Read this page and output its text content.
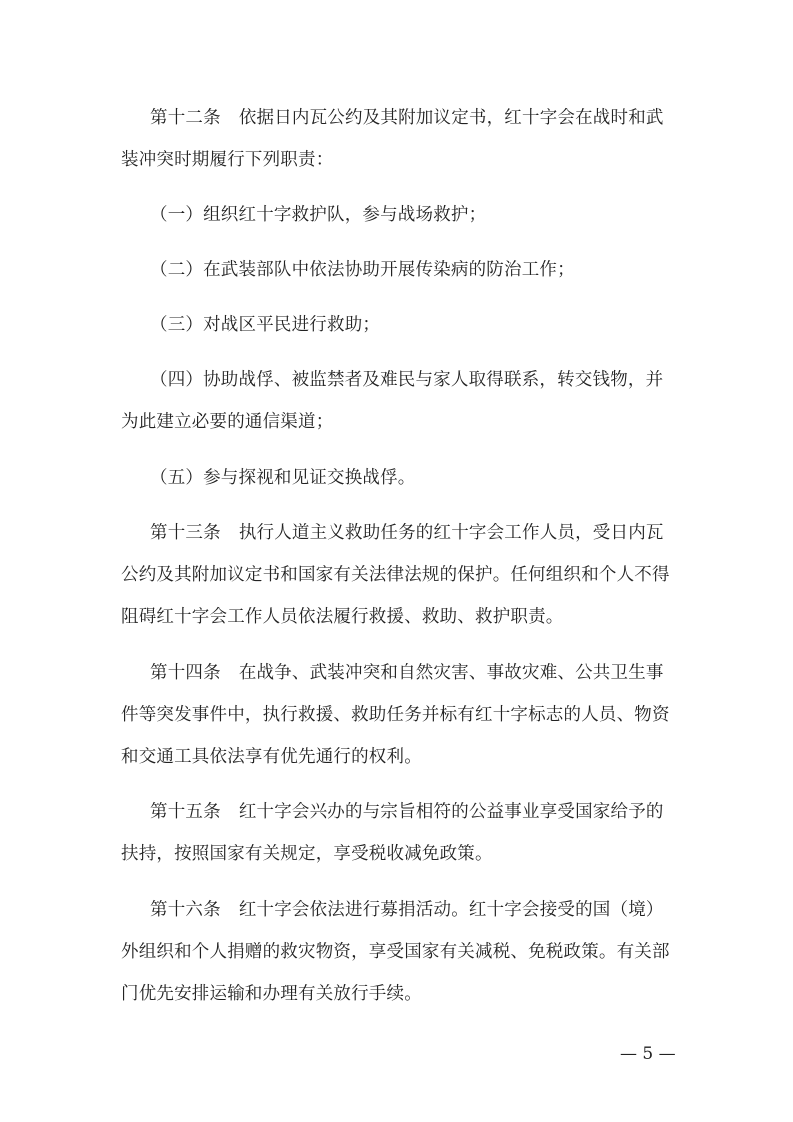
第十二条 依据日内瓦公约及其附加议定书，红十字会在战时和武
装冲突时期履行下列职责：
（一）组织红十字救护队，参与战场救护；
（二）在武装部队中依法协助开展传染病的防治工作；
（三）对战区平民进行救助；
（四）协助战俘、被监禁者及难民与家人取得联系，转交钱物，并
为此建立必要的通信渠道；
（五）参与探视和见证交换战俘。
第十三条 执行人道主义救助任务的红十字会工作人员，受日内瓦
公约及其附加议定书和国家有关法律法规的保护。任何组织和个人不得
阻碍红十字会工作人员依法履行救援、救助、救护职责。
第十四条 在战争、武装冲突和自然灾害、事故灾难、公共卫生事
件等突发事件中，执行救援、救助任务并标有红十字标志的人员、物资
和交通工具依法享有优先通行的权利。
第十五条 红十字会兴办的与宗旨相符的公益事业享受国家给予的
扶持，按照国家有关规定，享受税收减免政策。
第十六条 红十字会依法进行募捐活动。红十字会接受的国（境）
外组织和个人捐赠的救灾物资，享受国家有关减税、免税政策。有关部
门优先安排运输和办理有关放行手续。
— 5 —
